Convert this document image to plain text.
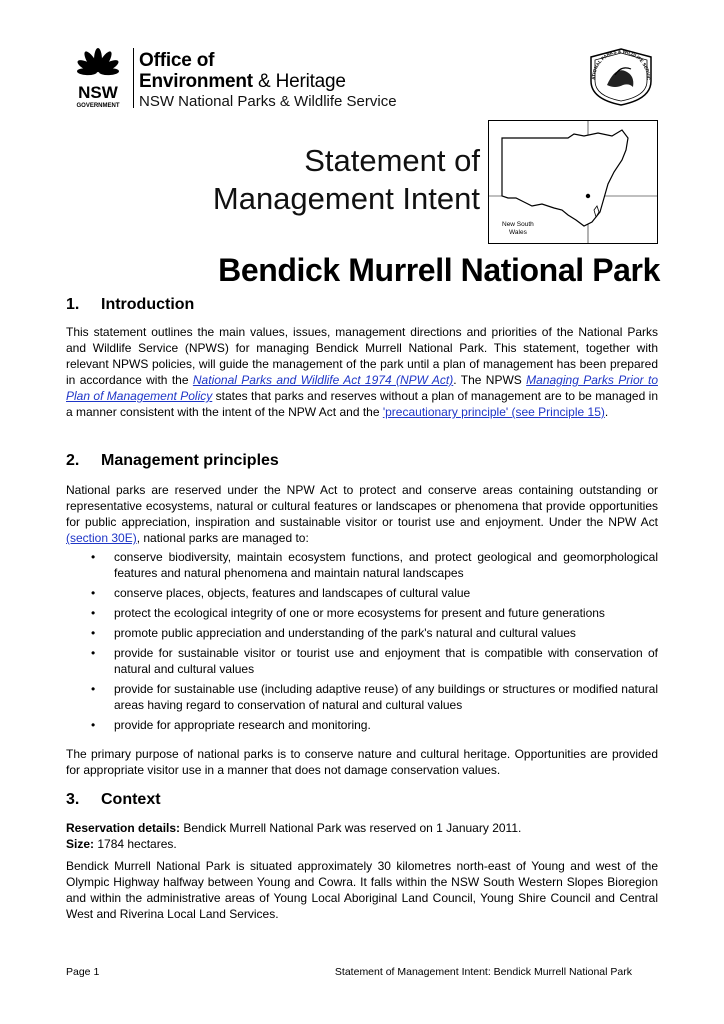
NSW
GOVERNMENT
Office of
Environment & Heritage
NSW National Parks & Wildlife Service
ATIONAL PARKS & WILDLIFE SERVIC
Statement of
Management Intent
New South
Wales
Bendick Murrell National Park
1. Introduction
This statement outlines the main values, issues, management directions and priorities of the National Parks and Wildlife Service (NPWS) for managing Bendick Murrell National Park. This statement, together with relevant NPWS policies, will guide the management of the park until a plan of management has been prepared in accordance with the National Parks and Wildlife Act 1974 (NPW Act). The NPWS Managing Parks Prior to Plan of Management Policy states that parks and reserves without a plan of management are to be managed in a manner consistent with the intent of the NPW Act and the 'precautionary principle' (see Principle 15).
2. Management principles
National parks are reserved under the NPW Act to protect and conserve areas containing outstanding or representative ecosystems, natural or cultural features or landscapes or phenomena that provide opportunities for public appreciation, inspiration and sustainable visitor or tourist use and enjoyment. Under the NPW Act (section 30E), national parks are managed to:
• conserve biodiversity, maintain ecosystem functions, and protect geological and geomorphological features and natural phenomena and maintain natural landscapes
• conserve places, objects, features and landscapes of cultural value
• protect the ecological integrity of one or more ecosystems for present and future generations
• promote public appreciation and understanding of the park's natural and cultural values
• provide for sustainable visitor or tourist use and enjoyment that is compatible with conservation of natural and cultural values
• provide for sustainable use (including adaptive reuse) of any buildings or structures or modified natural areas having regard to conservation of natural and cultural values
• provide for appropriate research and monitoring.
The primary purpose of national parks is to conserve nature and cultural heritage. Opportunities are provided for appropriate visitor use in a manner that does not damage conservation values.
3. Context
Reservation details: Bendick Murrell National Park was reserved on 1 January 2011.
Size: 1784 hectares.
Bendick Murrell National Park is situated approximately 30 kilometres north-east of Young and west of the Olympic Highway halfway between Young and Cowra. It falls within the NSW South Western Slopes Bioregion and within the administrative areas of Young Local Aboriginal Land Council, Young Shire Council and Central West and Riverina Local Land Services.
Page 1	Statement of Management Intent: Bendick Murrell National Park
